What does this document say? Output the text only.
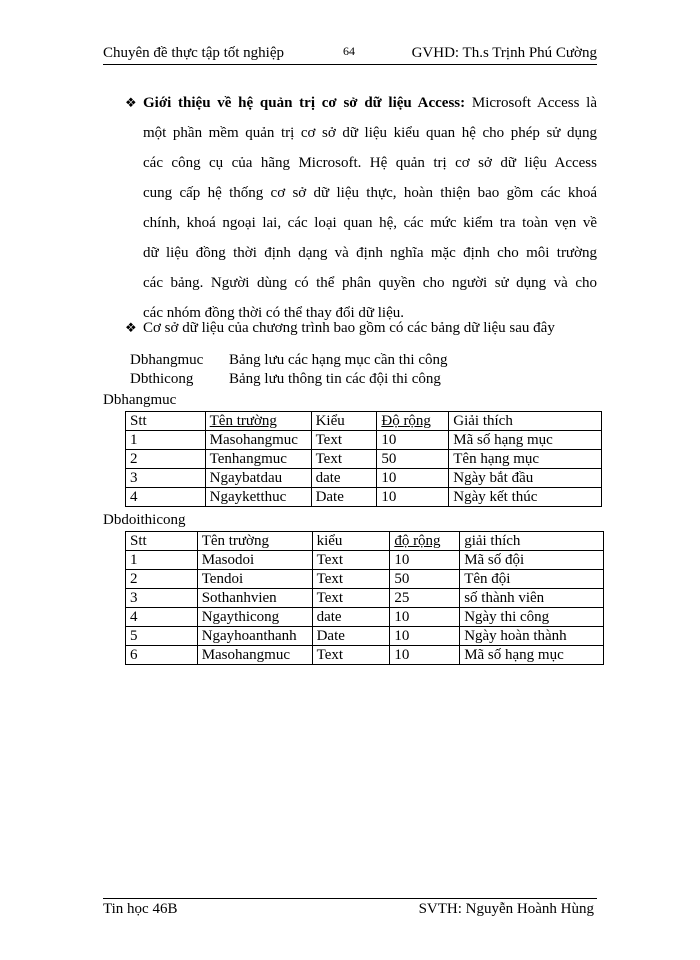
Chuyên đề thực tập tốt nghiệp	64	GVHD: Th.s Trịnh Phú Cường
❖ Giới thiệu về hệ quản trị cơ sở dữ liệu Access: Microsoft Access là
một phần mềm quản trị cơ sở dữ liệu kiểu quan hệ cho phép sử dụng
các công cụ của hãng Microsoft. Hệ quản trị cơ sở dữ liệu Access
cung cấp hệ thống cơ sở dữ liệu thực, hoàn thiện bao gồm các khoá
chính, khoá ngoại lai, các loại quan hệ, các mức kiểm tra toàn vẹn về
dữ liệu đồng thời định dạng và định nghĩa mặc định cho môi trường
các bảng. Người dùng có thể phân quyền cho người sử dụng và cho
các nhóm đồng thời có thể thay đổi dữ liệu.
❖ Cơ sở dữ liệu của chương trình bao gồm có các bảng dữ liệu sau đây
Dbhangmuc Bảng lưu các hạng mục cần thi công
Dbthicong Bảng lưu thông tin các đội thi công
Dbhangmuc
Stt	Tên trường	Kiểu	Độ rộng	Giải thích
1	Masohangmuc	Text	10	Mã số hạng mục
2	Tenhangmuc	Text	50	Tên hạng mục
3	Ngaybatdau	date	10	Ngày bắt đầu
4	Ngayketthuc	Date	10	Ngày kết thúc
Dbdoithicong
Stt	Tên trường	kiểu	độ rộng	giải thích
1	Masodoi	Text	10	Mã số đội
2	Tendoi	Text	50	Tên đội
3	Sothanhvien	Text	25	số thành viên
4	Ngaythicong	date	10	Ngày thi công
5	Ngayhoanthanh	Date	10	Ngày hoàn thành
6	Masohangmuc	Text	10	Mã số hạng mục
Tin học 46B	SVTH: Nguyễn Hoành Hùng
